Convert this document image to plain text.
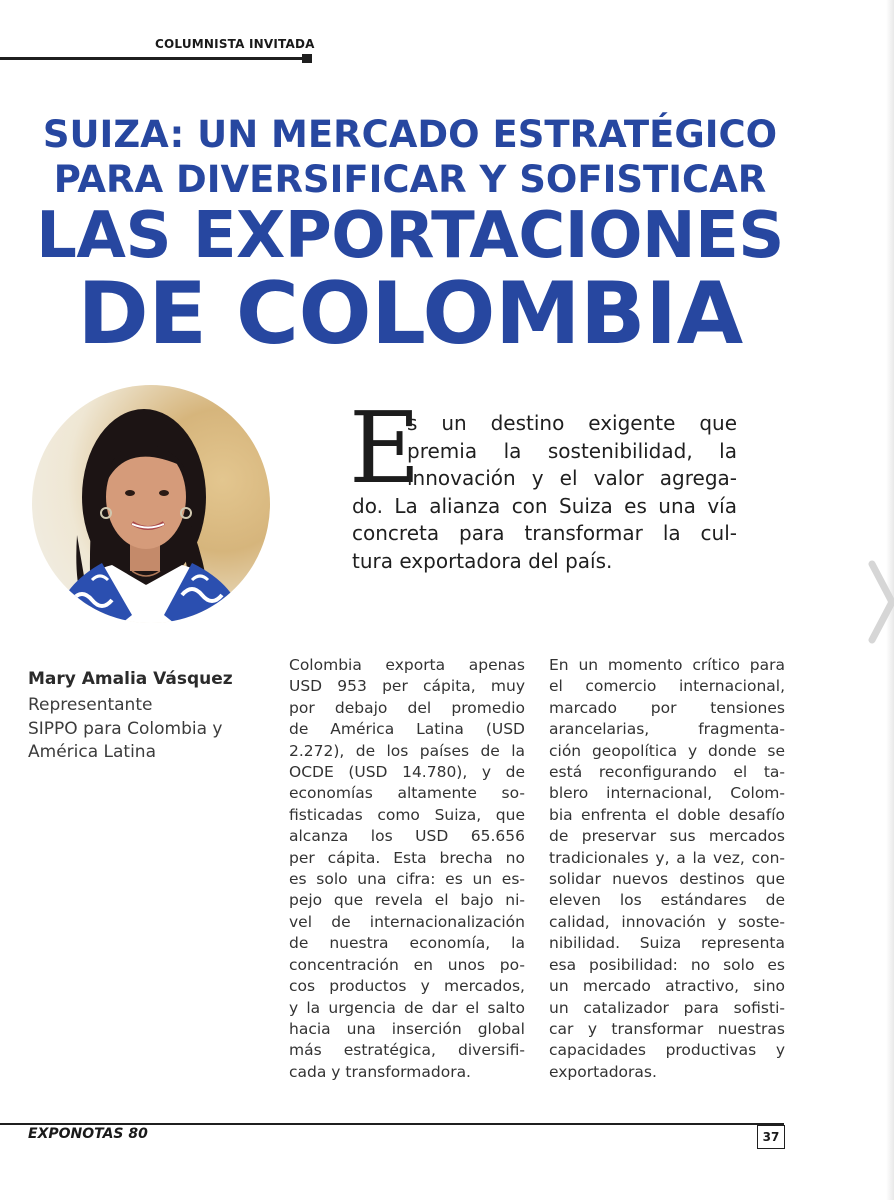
COLUMNISTA INVITADA
SUIZA: UN MERCADO ESTRATÉGICO
PARA DIVERSIFICAR Y SOFISTICAR
LAS EXPORTACIONES
DE COLOMBIA
E
s un destino exigente que
premia la sostenibilidad, la
innovación y el valor agrega-
do. La alianza con Suiza es una vía
concreta para transformar la cul-
tura exportadora del país.
Mary Amalia Vásquez
Representante
SIPPO para Colombia y
América Latina
Colombia exporta apenas
USD 953 per cápita, muy
por debajo del promedio
de América Latina (USD
2.272), de los países de la
OCDE (USD 14.780), y de
economías altamente so-
fisticadas como Suiza, que
alcanza los USD 65.656
per cápita. Esta brecha no
es solo una cifra: es un es-
pejo que revela el bajo ni-
vel de internacionalización
de nuestra economía, la
concentración en unos po-
cos productos y mercados,
y la urgencia de dar el salto
hacia una inserción global
más estratégica, diversifi-
cada y transformadora.
En un momento crítico para
el comercio internacional,
marcado por tensiones
arancelarias, fragmenta-
ción geopolítica y donde se
está reconfigurando el ta-
blero internacional, Colom-
bia enfrenta el doble desafío
de preservar sus mercados
tradicionales y, a la vez, con-
solidar nuevos destinos que
eleven los estándares de
calidad, innovación y soste-
nibilidad. Suiza representa
esa posibilidad: no solo es
un mercado atractivo, sino
un catalizador para sofisti-
car y transformar nuestras
capacidades productivas y
exportadoras.
EXPONOTAS 80	37
